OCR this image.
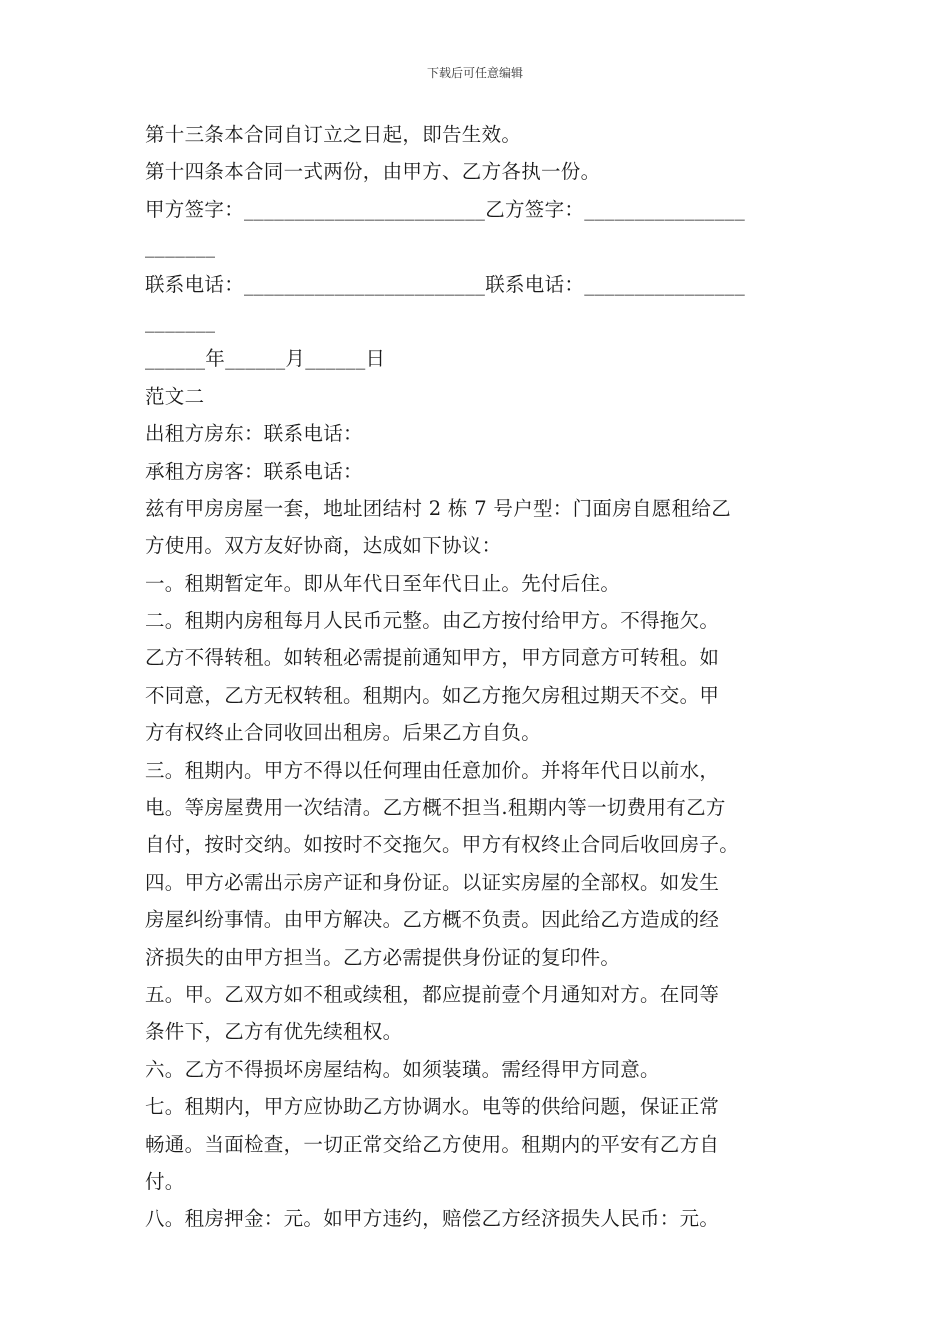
下载后可任意编辑
第十三条本合同自订立之日起，即告生效。
第十四条本合同一式两份，由甲方、乙方各执一份。
甲方签字：________________________乙方签字：________________
_______
联系电话：________________________联系电话：________________
_______
______年______月______日
范文二
出租方房东：联系电话：
承租方房客：联系电话：
兹有甲房房屋一套，地址团结村 2 栋 7 号户型：门面房自愿租给乙
方使用。双方友好协商，达成如下协议：
一。租期暂定年。即从年代日至年代日止。先付后住。
二。租期内房租每月人民币元整。由乙方按付给甲方。不得拖欠。
乙方不得转租。如转租必需提前通知甲方，甲方同意方可转租。如
不同意，乙方无权转租。租期内。如乙方拖欠房租过期天不交。甲
方有权终止合同收回出租房。后果乙方自负。
三。租期内。甲方不得以任何理由任意加价。并将年代日以前水，
电。等房屋费用一次结清。乙方概不担当.租期内等一切费用有乙方
自付，按时交纳。如按时不交拖欠。甲方有权终止合同后收回房子。
四。甲方必需出示房产证和身份证。以证实房屋的全部权。如发生
房屋纠纷事情。由甲方解决。乙方概不负责。因此给乙方造成的经
济损失的由甲方担当。乙方必需提供身份证的复印件。
五。甲。乙双方如不租或续租，都应提前壹个月通知对方。在同等
条件下，乙方有优先续租权。
六。乙方不得损坏房屋结构。如须装璜。需经得甲方同意。
七。租期内，甲方应协助乙方协调水。电等的供给问题，保证正常
畅通。当面检查，一切正常交给乙方使用。租期内的平安有乙方自
付。
八。租房押金：元。如甲方违约，赔偿乙方经济损失人民币：元。
